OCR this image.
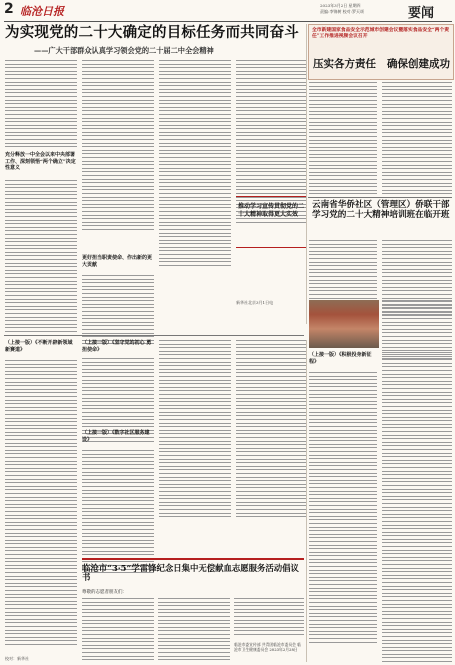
2 临沧日报	2023年3月2日 星期四
责编:李锦树 校对:罗天颂	要闻
为实现党的二十大确定的目标任务而共同奋斗
——广大干部群众认真学习领会党的二十届二中全会精神
全市新建国家食品安全示范城市创建会议暨落实食品安全“两个责任”工作推进视频会议召开
压实各方责任 确保创建成功
充分释放一中全会以来中央部署工作、深刻领悟“两个确立”决定性意义
更好担当职责使命、作出新的更大贡献
推动学习宣传贯彻党的二十大精神取得更大实效
新华社北京3月1日电
云南省华侨社区（管理区）侨联干部学习党的二十大精神培训班在临开班
（上接一版）《不断开辟新领域新赛道》
（上接一版）《坚守党的初心 勇担使命》
（上接一版）《数字社区服务建设》
（上接一版）《积极投身新征程》
临沧市“3·5”学雷锋纪念日集中无偿献血志愿服务活动倡议书
尊敬的志愿者朋友们：
临沧市委宣传部 共青团临沧市委员会 临沧市卫生健康委员会 2023年2月28日
校对：新华社
